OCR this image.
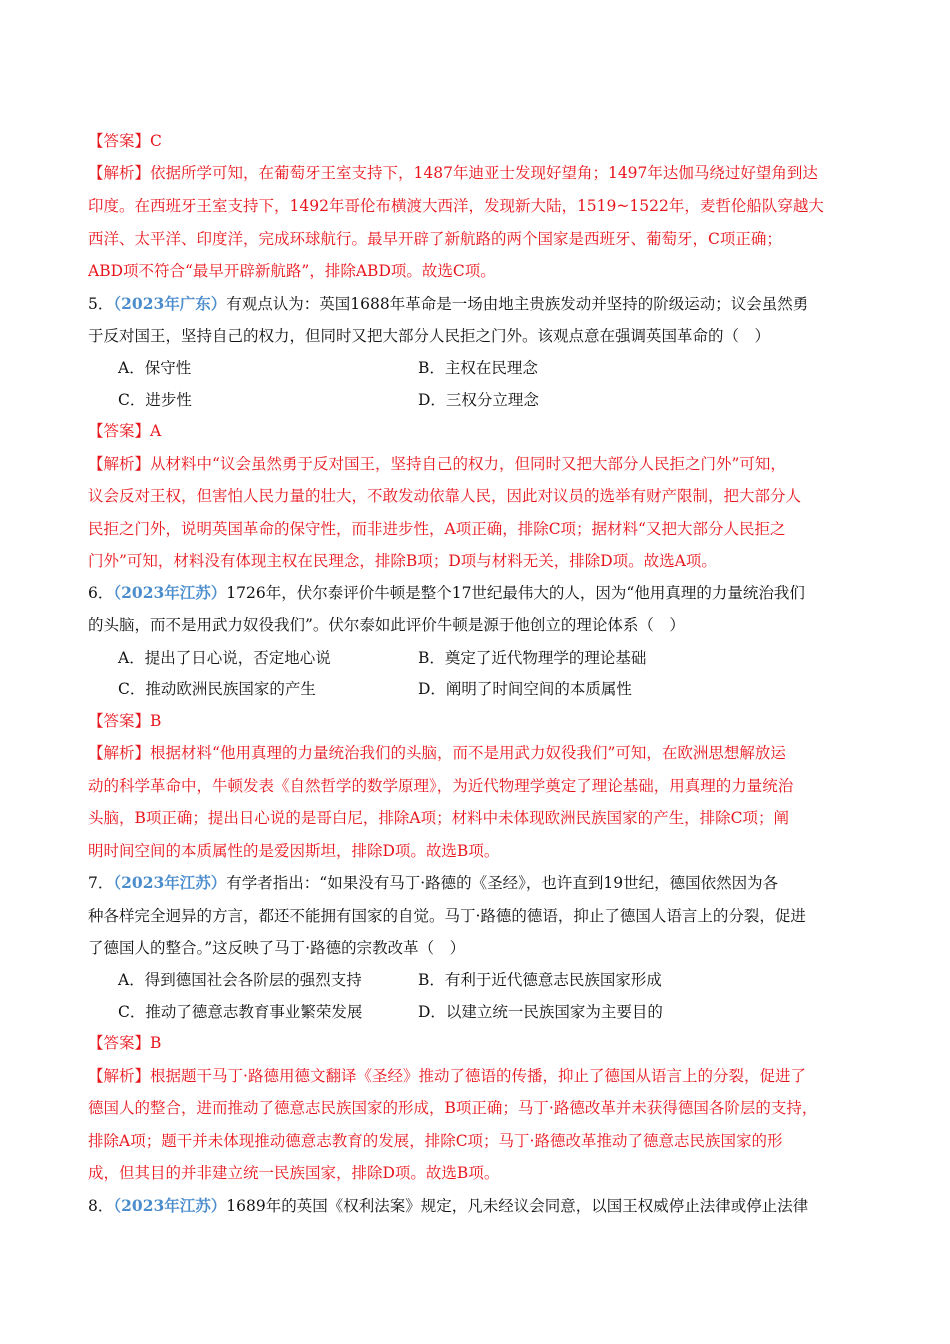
【答案】C
【解析】依据所学可知，在葡萄牙王室支持下，1487年迪亚士发现好望角；1497年达伽马绕过好望角到达
印度。在西班牙王室支持下，1492年哥伦布横渡大西洋，发现新大陆，1519~1522年，麦哲伦船队穿越大
西洋、太平洋、印度洋，完成环球航行。最早开辟了新航路的两个国家是西班牙、葡萄牙，C项正确；
ABD项不符合“最早开辟新航路”，排除ABD项。故选C项。
5．（2023年广东）有观点认为：英国1688年革命是一场由地主贵族发动并坚持的阶级运动；议会虽然勇
于反对国王，坚持自己的权力，但同时又把大部分人民拒之门外。该观点意在强调英国革命的（　）
A．保守性	B．主权在民理念
C．进步性	D．三权分立理念
【答案】A
【解析】从材料中“议会虽然勇于反对国王，坚持自己的权力，但同时又把大部分人民拒之门外”可知，
议会反对王权，但害怕人民力量的壮大，不敢发动依靠人民，因此对议员的选举有财产限制，把大部分人
民拒之门外，说明英国革命的保守性，而非进步性，A项正确，排除C项；据材料“又把大部分人民拒之
门外”可知，材料没有体现主权在民理念，排除B项；D项与材料无关，排除D项。故选A项。
6．（2023年江苏）1726年，伏尔泰评价牛顿是整个17世纪最伟大的人，因为“他用真理的力量统治我们
的头脑，而不是用武力奴役我们”。伏尔泰如此评价牛顿是源于他创立的理论体系（　）
A．提出了日心说，否定地心说	B．奠定了近代物理学的理论基础
C．推动欧洲民族国家的产生	D．阐明了时间空间的本质属性
【答案】B
【解析】根据材料“他用真理的力量统治我们的头脑，而不是用武力奴役我们”可知，在欧洲思想解放运
动的科学革命中，牛顿发表《自然哲学的数学原理》，为近代物理学奠定了理论基础，用真理的力量统治
头脑，B项正确；提出日心说的是哥白尼，排除A项；材料中未体现欧洲民族国家的产生，排除C项；阐
明时间空间的本质属性的是爱因斯坦，排除D项。故选B项。
7．（2023年江苏）有学者指出：“如果没有马丁·路德的《圣经》，也许直到19世纪，德国依然因为各
种各样完全迥异的方言，都还不能拥有国家的自觉。马丁·路德的德语，抑止了德国人语言上的分裂，促进
了德国人的整合。”这反映了马丁·路德的宗教改革（　）
A．得到德国社会各阶层的强烈支持	B．有利于近代德意志民族国家形成
C．推动了德意志教育事业繁荣发展	D．以建立统一民族国家为主要目的
【答案】B
【解析】根据题干马丁·路德用德文翻译《圣经》推动了德语的传播，抑止了德国从语言上的分裂，促进了
德国人的整合，进而推动了德意志民族国家的形成，B项正确；马丁·路德改革并未获得德国各阶层的支持，
排除A项；题干并未体现推动德意志教育的发展，排除C项；马丁·路德改革推动了德意志民族国家的形
成，但其目的并非建立统一民族国家，排除D项。故选B项。
8．（2023年江苏）1689年的英国《权利法案》规定，凡未经议会同意，以国王权威停止法律或停止法律
